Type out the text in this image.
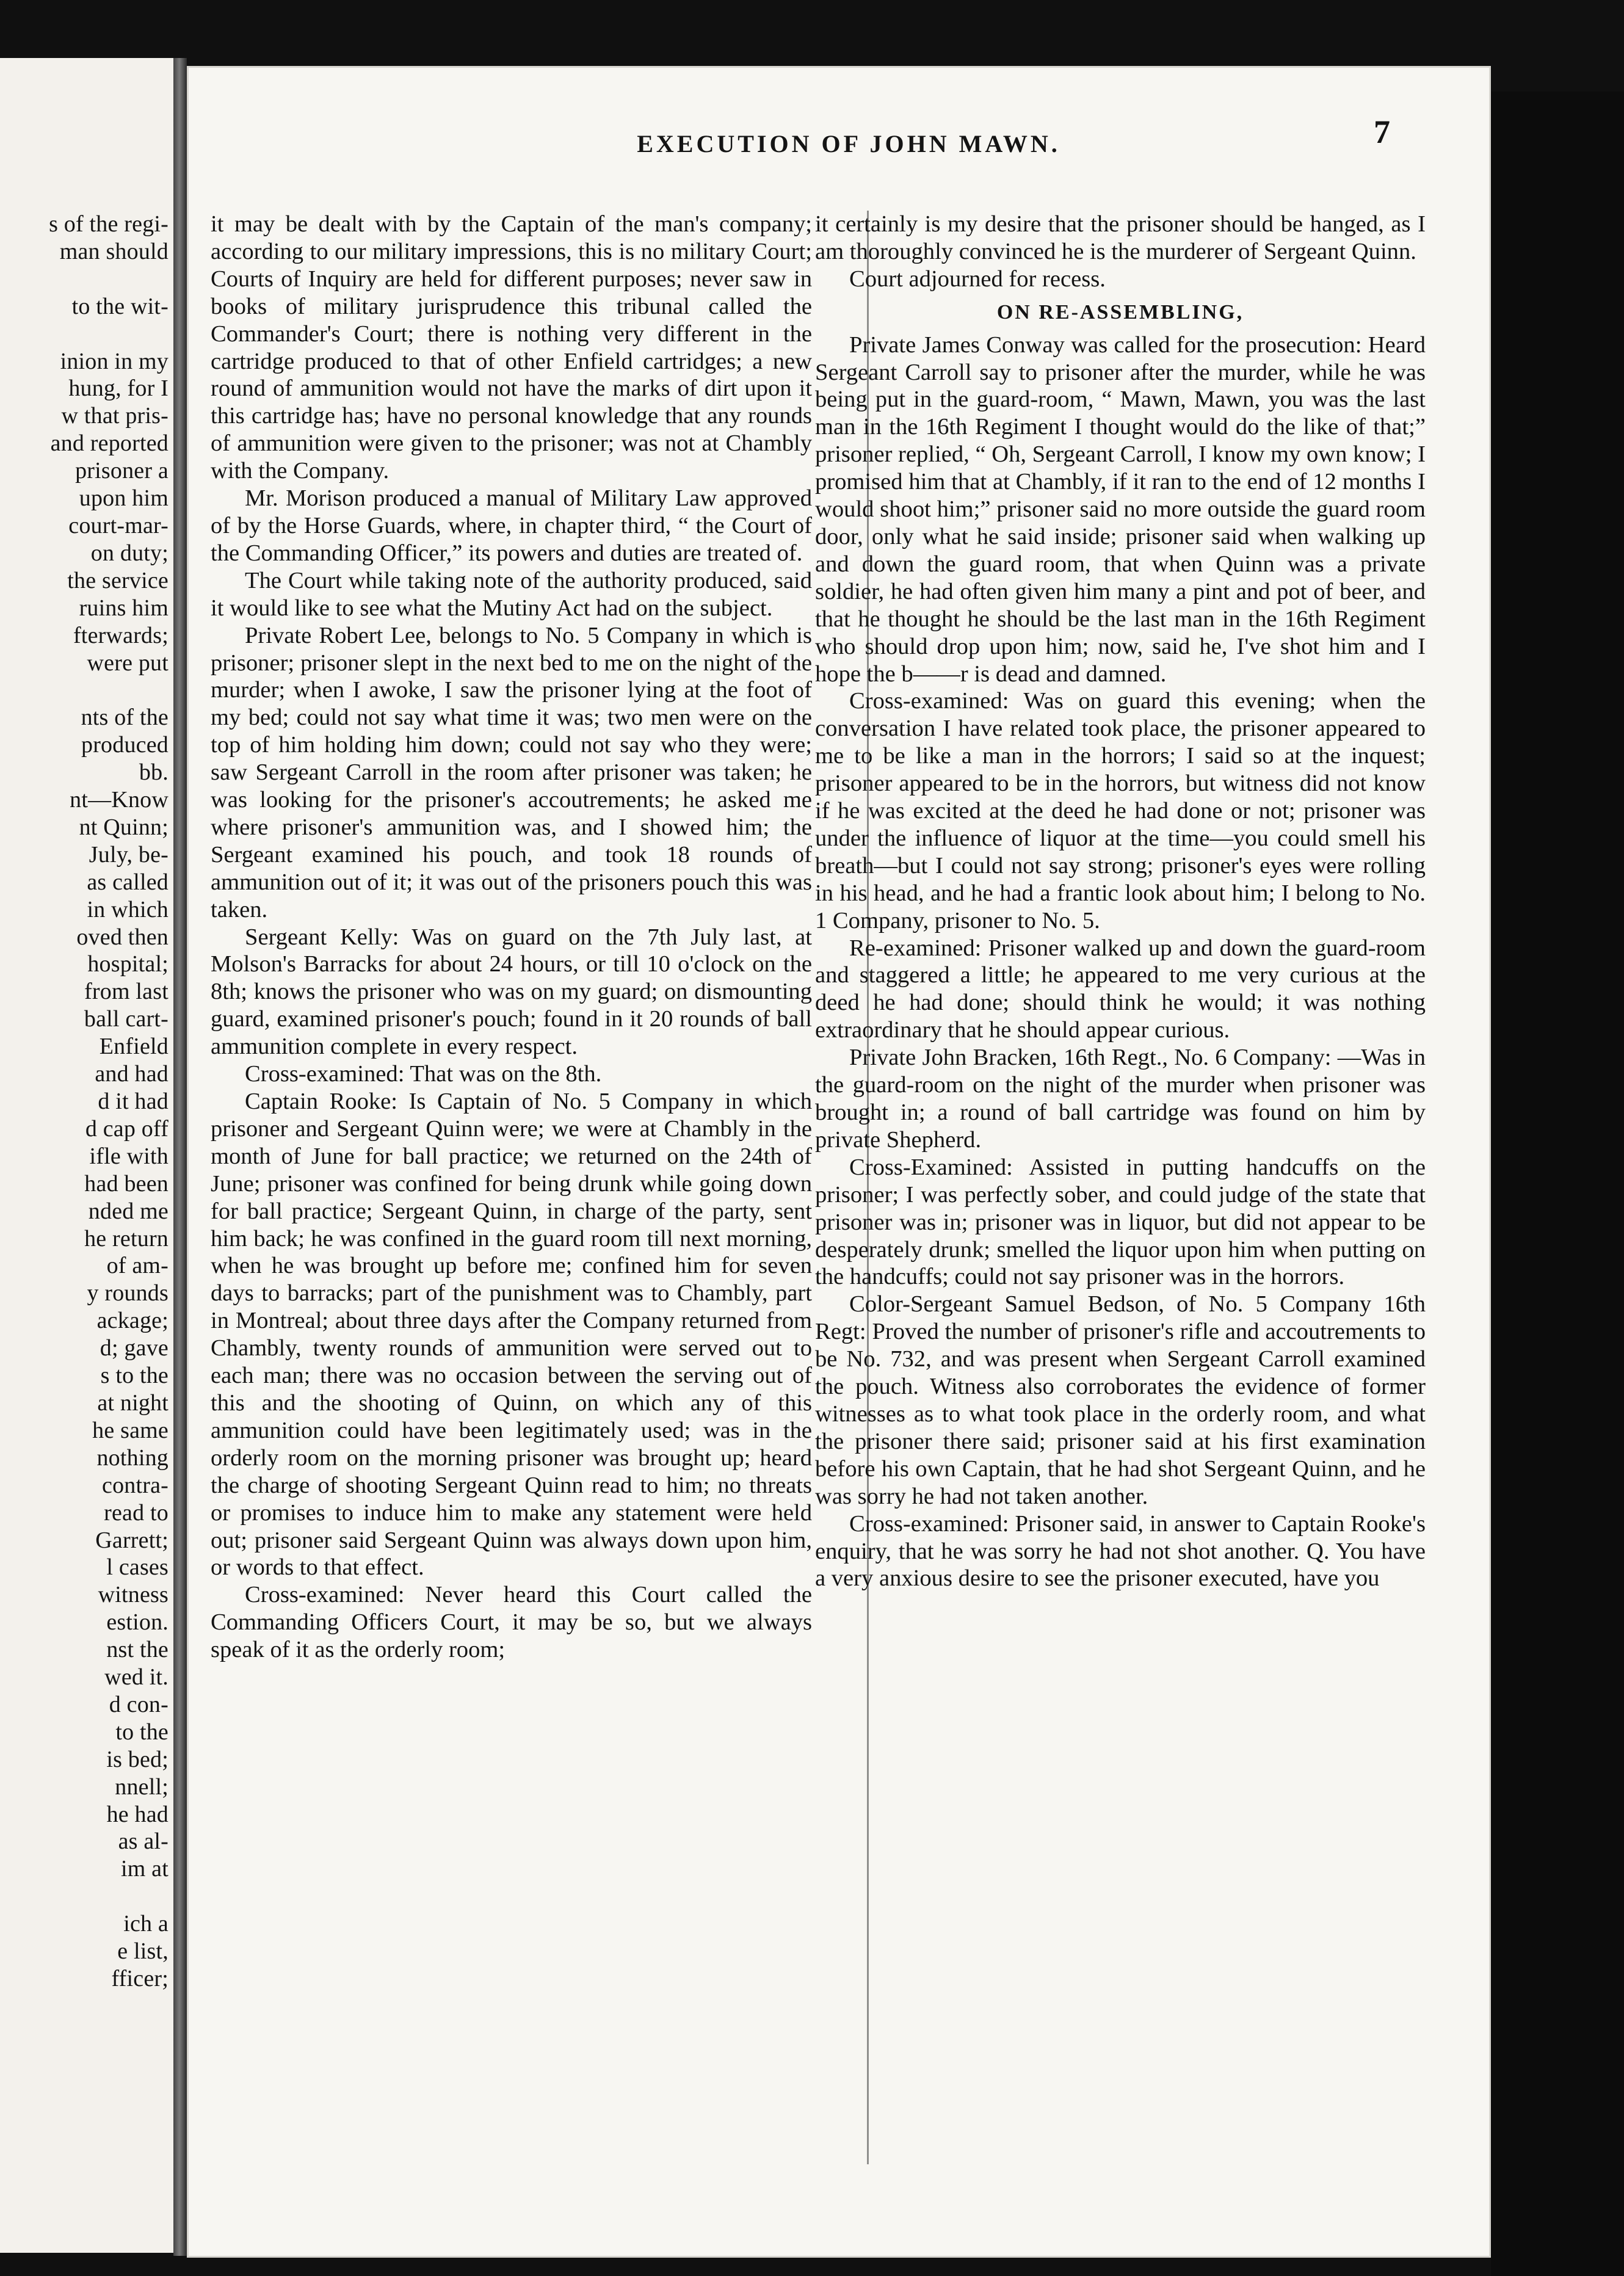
s of the regi-
man should

to the wit-

inion in my
hung, for I
w that pris-
and reported
prisoner a
upon him
court-mar-
on duty;
the service
ruins him
fterwards;
were put

nts of the
produced
bb.
nt—Know
nt Quinn;
July, be-
as called
in which
oved then
hospital;
from last
ball cart-
Enfield
and had
d it had
d cap off
ifle with
had been
nded me
he return
of am-
y rounds
ackage;
d; gave
s to the
at night
he same
nothing
contra-
read to
Garrett;
l cases
witness
estion.
nst the
wed it.
d con-
to the
is bed;
nnell;
he had
as al-
im at

ich a
e list,
fficer;
EXECUTION OF JOHN MAWN.	7

it may be dealt with by the Captain of the man's company; according to our military impressions, this is no military Court; Courts of Inquiry are held for different purposes; never saw in books of military jurisprudence this tribunal called the Commander's Court; there is nothing very different in the cartridge produced to that of other Enfield cartridges; a new round of ammunition would not have the marks of dirt upon it this cartridge has; have no personal knowledge that any rounds of ammunition were given to the prisoner; was not at Chambly with the Company.

Mr. Morison produced a manual of Military Law approved of by the Horse Guards, where, in chapter third, “ the Court of the Commanding Officer,” its powers and duties are treated of.

The Court while taking note of the authority produced, said it would like to see what the Mutiny Act had on the subject.

Private Robert Lee, belongs to No. 5 Company in which is prisoner; prisoner slept in the next bed to me on the night of the murder; when I awoke, I saw the prisoner lying at the foot of my bed; could not say what time it was; two men were on the top of him holding him down; could not say who they were; saw Sergeant Carroll in the room after prisoner was taken; he was looking for the prisoner's accoutrements; he asked me where prisoner's ammunition was, and I showed him; the Sergeant examined his pouch, and took 18 rounds of ammunition out of it; it was out of the prisoners pouch this was taken.

Sergeant Kelly: Was on guard on the 7th July last, at Molson's Barracks for about 24 hours, or till 10 o'clock on the 8th; knows the prisoner who was on my guard; on dismounting guard, examined prisoner's pouch; found in it 20 rounds of ball ammunition complete in every respect.

Cross-examined: That was on the 8th.

Captain Rooke: Is Captain of No. 5 Company in which prisoner and Sergeant Quinn were; we were at Chambly in the month of June for ball practice; we returned on the 24th of June; prisoner was confined for being drunk while going down for ball practice; Sergeant Quinn, in charge of the party, sent him back; he was confined in the guard room till next morning, when he was brought up before me; confined him for seven days to barracks; part of the punishment was to Chambly, part in Montreal; about three days after the Company returned from Chambly, twenty rounds of ammunition were served out to each man; there was no occasion between the serving out of this and the shooting of Quinn, on which any of this ammunition could have been legitimately used; was in the orderly room on the morning prisoner was brought up; heard the charge of shooting Sergeant Quinn read to him; no threats or promises to induce him to make any statement were held out; prisoner said Sergeant Quinn was always down upon him, or words to that effect.

Cross-examined: Never heard this Court called the Commanding Officers Court, it may be so, but we always speak of it as the orderly room;

it certainly is my desire that the prisoner should be hanged, as I am thoroughly convinced he is the murderer of Sergeant Quinn.

Court adjourned for recess.

ON RE-ASSEMBLING,

Private James Conway was called for the prosecution: Heard Sergeant Carroll say to prisoner after the murder, while he was being put in the guard-room, “ Mawn, Mawn, you was the last man in the 16th Regiment I thought would do the like of that;” prisoner replied, “ Oh, Sergeant Carroll, I know my own know; I promised him that at Chambly, if it ran to the end of 12 months I would shoot him;” prisoner said no more outside the guard room door, only what he said inside; prisoner said when walking up and down the guard room, that when Quinn was a private soldier, he had often given him many a pint and pot of beer, and that he thought he should be the last man in the 16th Regiment who should drop upon him; now, said he, I've shot him and I hope the b——r is dead and damned.

Cross-examined: Was on guard this evening; when the conversation I have related took place, the prisoner appeared to me to be like a man in the horrors; I said so at the inquest; prisoner appeared to be in the horrors, but witness did not know if he was excited at the deed he had done or not; prisoner was under the influence of liquor at the time—you could smell his breath—but I could not say strong; prisoner's eyes were rolling in his head, and he had a frantic look about him; I belong to No. 1 Company, prisoner to No. 5.

Re-examined: Prisoner walked up and down the guard-room and staggered a little; he appeared to me very curious at the deed he had done; should think he would; it was nothing extraordinary that he should appear curious.

Private John Bracken, 16th Regt., No. 6 Company: —Was in the guard-room on the night of the murder when prisoner was brought in; a round of ball cartridge was found on him by private Shepherd.

Cross-Examined: Assisted in putting handcuffs on the prisoner; I was perfectly sober, and could judge of the state that prisoner was in; prisoner was in liquor, but did not appear to be desperately drunk; smelled the liquor upon him when putting on the handcuffs; could not say prisoner was in the horrors.

Color-Sergeant Samuel Bedson, of No. 5 Company 16th Regt: Proved the number of prisoner's rifle and accoutrements to be No. 732, and was present when Sergeant Carroll examined the pouch. Witness also corroborates the evidence of former witnesses as to what took place in the orderly room, and what the prisoner there said; prisoner said at his first examination before his own Captain, that he had shot Sergeant Quinn, and he was sorry he had not taken another.

Cross-examined: Prisoner said, in answer to Captain Rooke's enquiry, that he was sorry he had not shot another. Q. You have a very anxious desire to see the prisoner executed, have you
